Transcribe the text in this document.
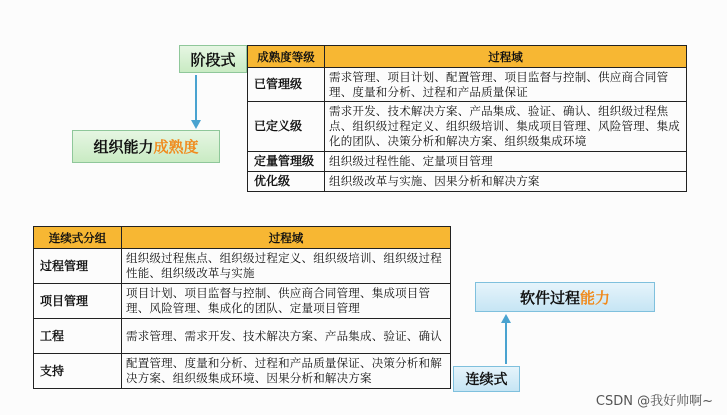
阶段式
组织能力 成熟度
成熟度等级	过程域
已管理级	需求管理、项目计划、配置管理、项目监督与控制、供应商合同管理、度量和分析、过程和产品质量保证
已定义级	需求开发、技术解决方案、产品集成、验证、确认、组织级过程焦点、组织级过程定义、组织级培训、集成项目管理、风险管理、集成化的团队、决策分析和解决方案、组织级集成环境
定量管理级	组织级过程性能、定量项目管理
优化级	组织级改革与实施、因果分析和解决方案
连续式分组	过程域
过程管理	组织级过程焦点、组织级过程定义、组织级培训、组织级过程性能、组织级改革与实施
项目管理	项目计划、项目监督与控制、供应商合同管理、集成项目管理、风险管理、集成化的团队、定量项目管理
工程	需求管理、需求开发、技术解决方案、产品集成、验证、确认
支持	配置管理、度量和分析、过程和产品质量保证、决策分析和解决方案、组织级集成环境、因果分析和解决方案
软件过程 能力
连续式
CSDN @我好帅啊~
